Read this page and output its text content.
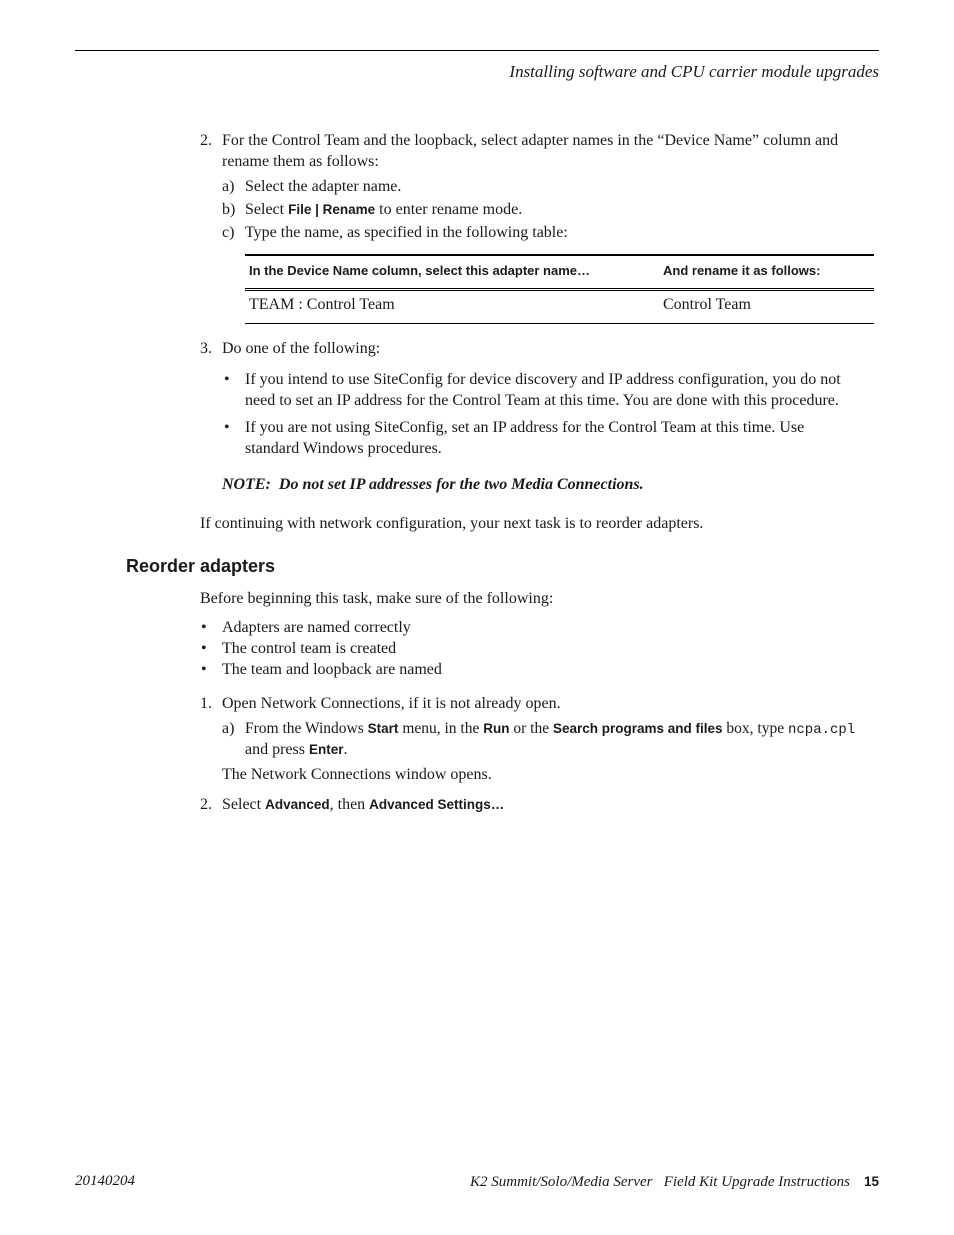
Installing software and CPU carrier module upgrades
2. For the Control Team and the loopback, select adapter names in the “Device Name” column and
rename them as follows:
a) Select the adapter name.
b) Select File | Rename to enter rename mode.
c) Type the name, as specified in the following table:
In the Device Name column, select this adapter name…	And rename it as follows:
TEAM : Control Team	Control Team
3. Do one of the following:
• If you intend to use SiteConfig for device discovery and IP address configuration, you do not
need to set an IP address for the Control Team at this time. You are done with this procedure.
• If you are not using SiteConfig, set an IP address for the Control Team at this time. Use
standard Windows procedures.
NOTE:  Do not set IP addresses for the two Media Connections.
If continuing with network configuration, your next task is to reorder adapters.
Reorder adapters
Before beginning this task, make sure of the following:
• Adapters are named correctly
• The control team is created
• The team and loopback are named
1. Open Network Connections, if it is not already open.
a) From the Windows Start menu, in the Run or the Search programs and files box, type ncpa.cpl
and press Enter.
The Network Connections window opens.
2. Select Advanced, then Advanced Settings…
20140204	K2 Summit/Solo/Media Server   Field Kit Upgrade Instructions 15
